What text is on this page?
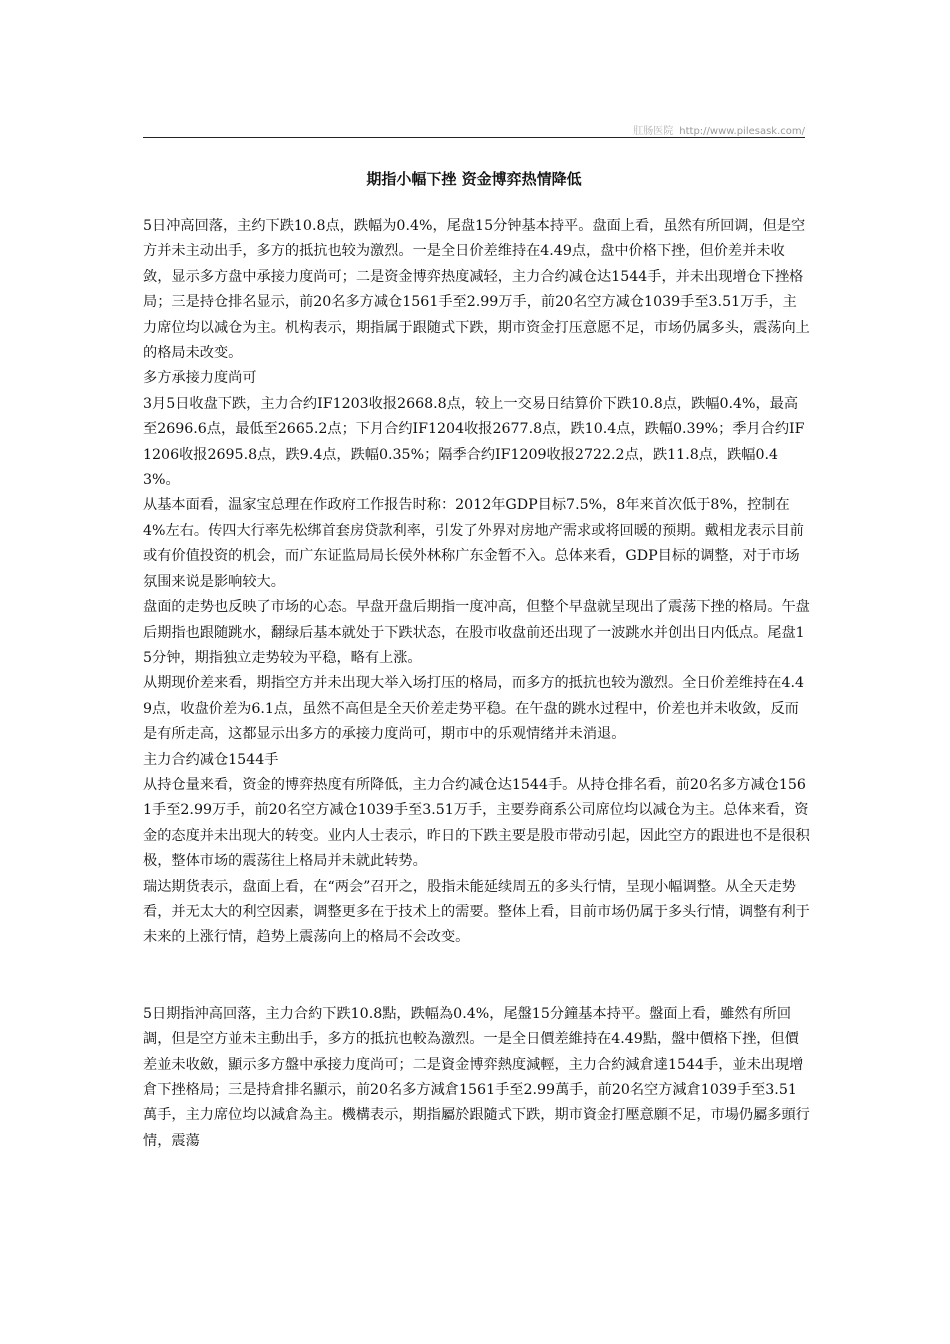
肛肠医院 http://www.pilesask.com/
期指小幅下挫 资金博弈热情降低

5日冲高回落，主约下跌10.8点，跌幅为0.4%，尾盘15分钟基本持平。盘面上看，虽然有所回调，但是空方并未主动出手，多方的抵抗也较为激烈。一是全日价差维持在4.49点，盘中价格下挫，但价差并未收敛，显示多方盘中承接力度尚可；二是资金博弈热度减轻，主力合约减仓达1544手，并未出现增仓下挫格局；三是持仓排名显示，前20名多方减仓1561手至2.99万手，前20名空方减仓1039手至3.51万手，主力席位均以减仓为主。机构表示，期指属于跟随式下跌，期市资金打压意愿不足，市场仍属多头，震荡向上的格局未改变。

多方承接力度尚可

3月5日收盘下跌，主力合约IF1203收报2668.8点，较上一交易日结算价下跌10.8点，跌幅0.4%，最高至2696.6点，最低至2665.2点；下月合约IF1204收报2677.8点，跌10.4点，跌幅0.39%；季月合约IF1206收报2695.8点，跌9.4点，跌幅0.35%；隔季合约IF1209收报2722.2点，跌11.8点，跌幅0.43%。

从基本面看，温家宝总理在作政府工作报告时称：2012年GDP目标7.5%，8年来首次低于8%，控制在4%左右。传四大行率先松绑首套房贷款利率，引发了外界对房地产需求或将回暖的预期。戴相龙表示目前或有价值投资的机会，而广东证监局局长侯外林称广东金暂不入。总体来看，GDP目标的调整，对于市场氛围来说是影响较大。

盘面的走势也反映了市场的心态。早盘开盘后期指一度冲高，但整个早盘就呈现出了震荡下挫的格局。午盘后期指也跟随跳水，翻绿后基本就处于下跌状态，在股市收盘前还出现了一波跳水并创出日内低点。尾盘15分钟，期指独立走势较为平稳，略有上涨。

从期现价差来看，期指空方并未出现大举入场打压的格局，而多方的抵抗也较为激烈。全日价差维持在4.49点，收盘价差为6.1点，虽然不高但是全天价差走势平稳。在午盘的跳水过程中，价差也并未收敛，反而是有所走高，这都显示出多方的承接力度尚可，期市中的乐观情绪并未消退。

主力合约减仓1544手

从持仓量来看，资金的博弈热度有所降低，主力合约减仓达1544手。从持仓排名看，前20名多方减仓1561手至2.99万手，前20名空方减仓1039手至3.51万手，主要券商系公司席位均以减仓为主。总体来看，资金的态度并未出现大的转变。业内人士表示，昨日的下跌主要是股市带动引起，因此空方的跟进也不是很积极，整体市场的震荡往上格局并未就此转势。

瑞达期货表示，盘面上看，在“两会”召开之，股指未能延续周五的多头行情，呈现小幅调整。从全天走势看，并无太大的利空因素，调整更多在于技术上的需要。整体上看，目前市场仍属于多头行情，调整有利于未来的上涨行情，趋势上震荡向上的格局不会改变。

5日期指沖高回落，主力合約下跌10.8點，跌幅為0.4%，尾盤15分鐘基本持平。盤面上看，雖然有所回調，但是空方並未主動出手，多方的抵抗也較為激烈。一是全日價差維持在4.49點，盤中價格下挫，但價差並未收斂，顯示多方盤中承接力度尚可；二是資金博弈熱度減輕，主力合約減倉達1544手，並未出現增倉下挫格局；三是持倉排名顯示，前20名多方減倉1561手至2.99萬手，前20名空方減倉1039手至3.51萬手，主力席位均以減倉為主。機構表示，期指屬於跟隨式下跌，期市資金打壓意願不足，市場仍屬多頭行情，震蕩
